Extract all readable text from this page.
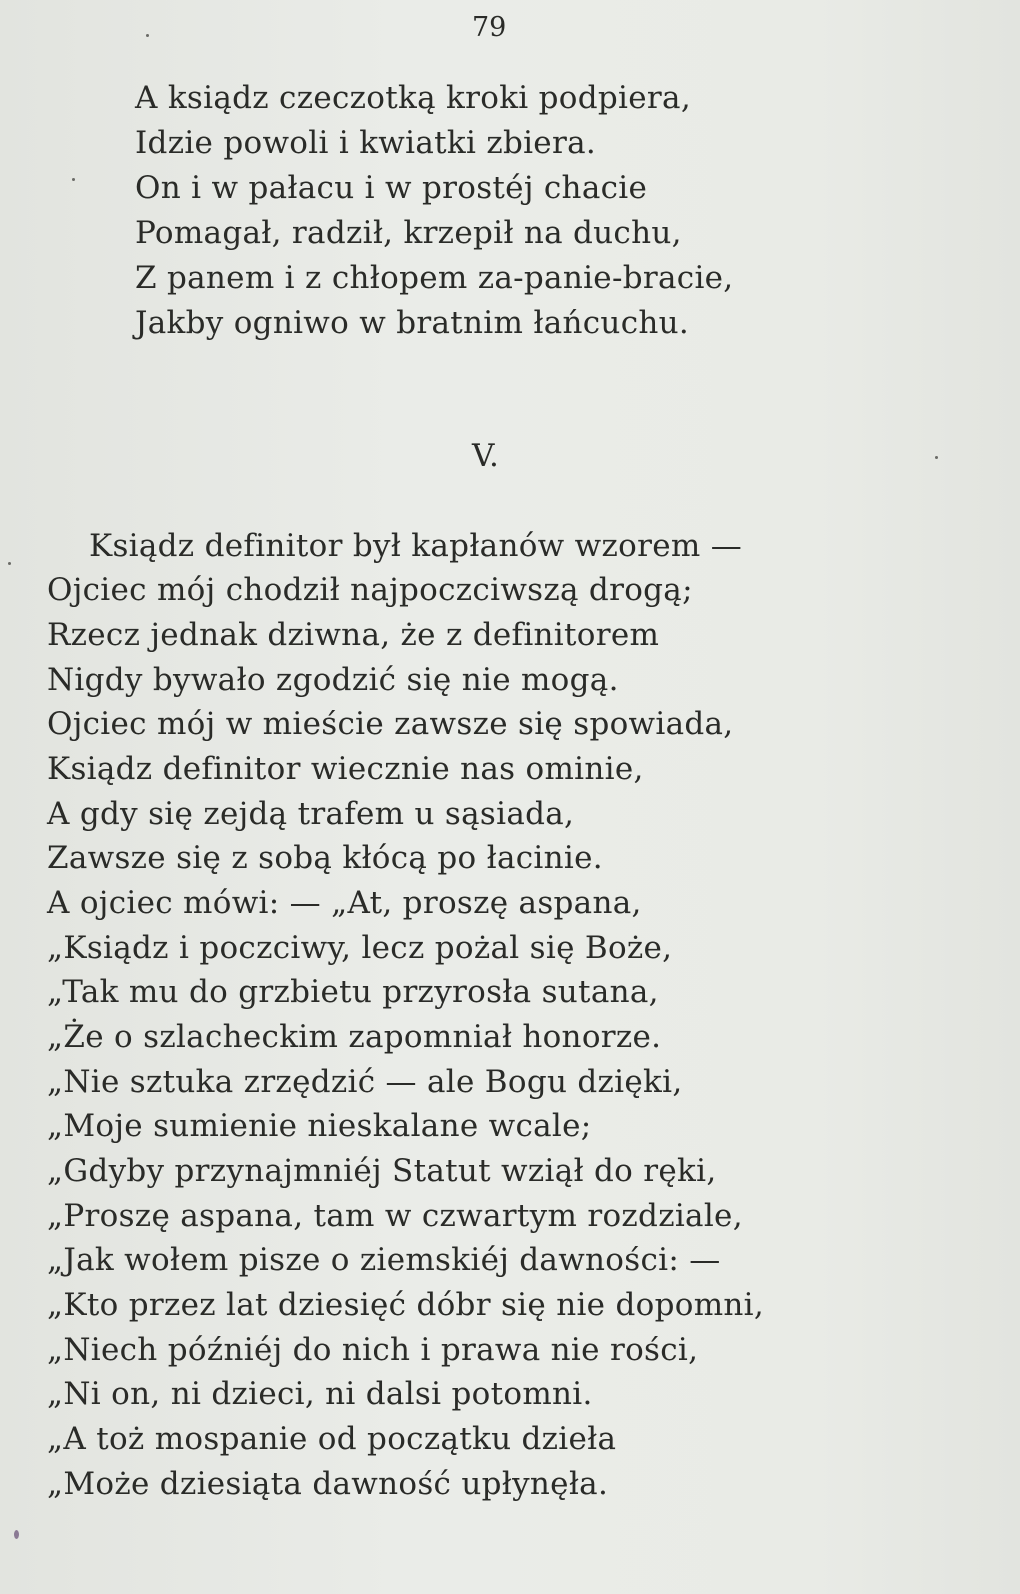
79
A ksiądz czeczotką kroki podpiera,
Idzie powoli i kwiatki zbiera.
On i w pałacu i w prostéj chacie
Pomagał, radził, krzepił na duchu,
Z panem i z chłopem za-panie-bracie,
Jakby ogniwo w bratnim łańcuchu.
V.
Ksiądz definitor był kapłanów wzorem —
Ojciec mój chodził najpoczciwszą drogą;
Rzecz jednak dziwna, że z definitorem
Nigdy bywało zgodzić się nie mogą.
Ojciec mój w mieście zawsze się spowiada,
Ksiądz definitor wiecznie nas ominie,
A gdy się zejdą trafem u sąsiada,
Zawsze się z sobą kłócą po łacinie.
A ojciec mówi: — „At, proszę aspana,
„Ksiądz i poczciwy, lecz pożal się Boże,
„Tak mu do grzbietu przyrosła sutana,
„Że o szlacheckim zapomniał honorze.
„Nie sztuka zrzędzić — ale Bogu dzięki,
„Moje sumienie nieskalane wcale;
„Gdyby przynajmniéj Statut wziął do ręki,
„Proszę aspana, tam w czwartym rozdziale,
„Jak wołem pisze o ziemskiéj dawności: —
„Kto przez lat dziesięć dóbr się nie dopomni,
„Niech późniéj do nich i prawa nie rości,
„Ni on, ni dzieci, ni dalsi potomni.
„A toż mospanie od początku dzieła
„Może dziesiąta dawność upłynęła.
